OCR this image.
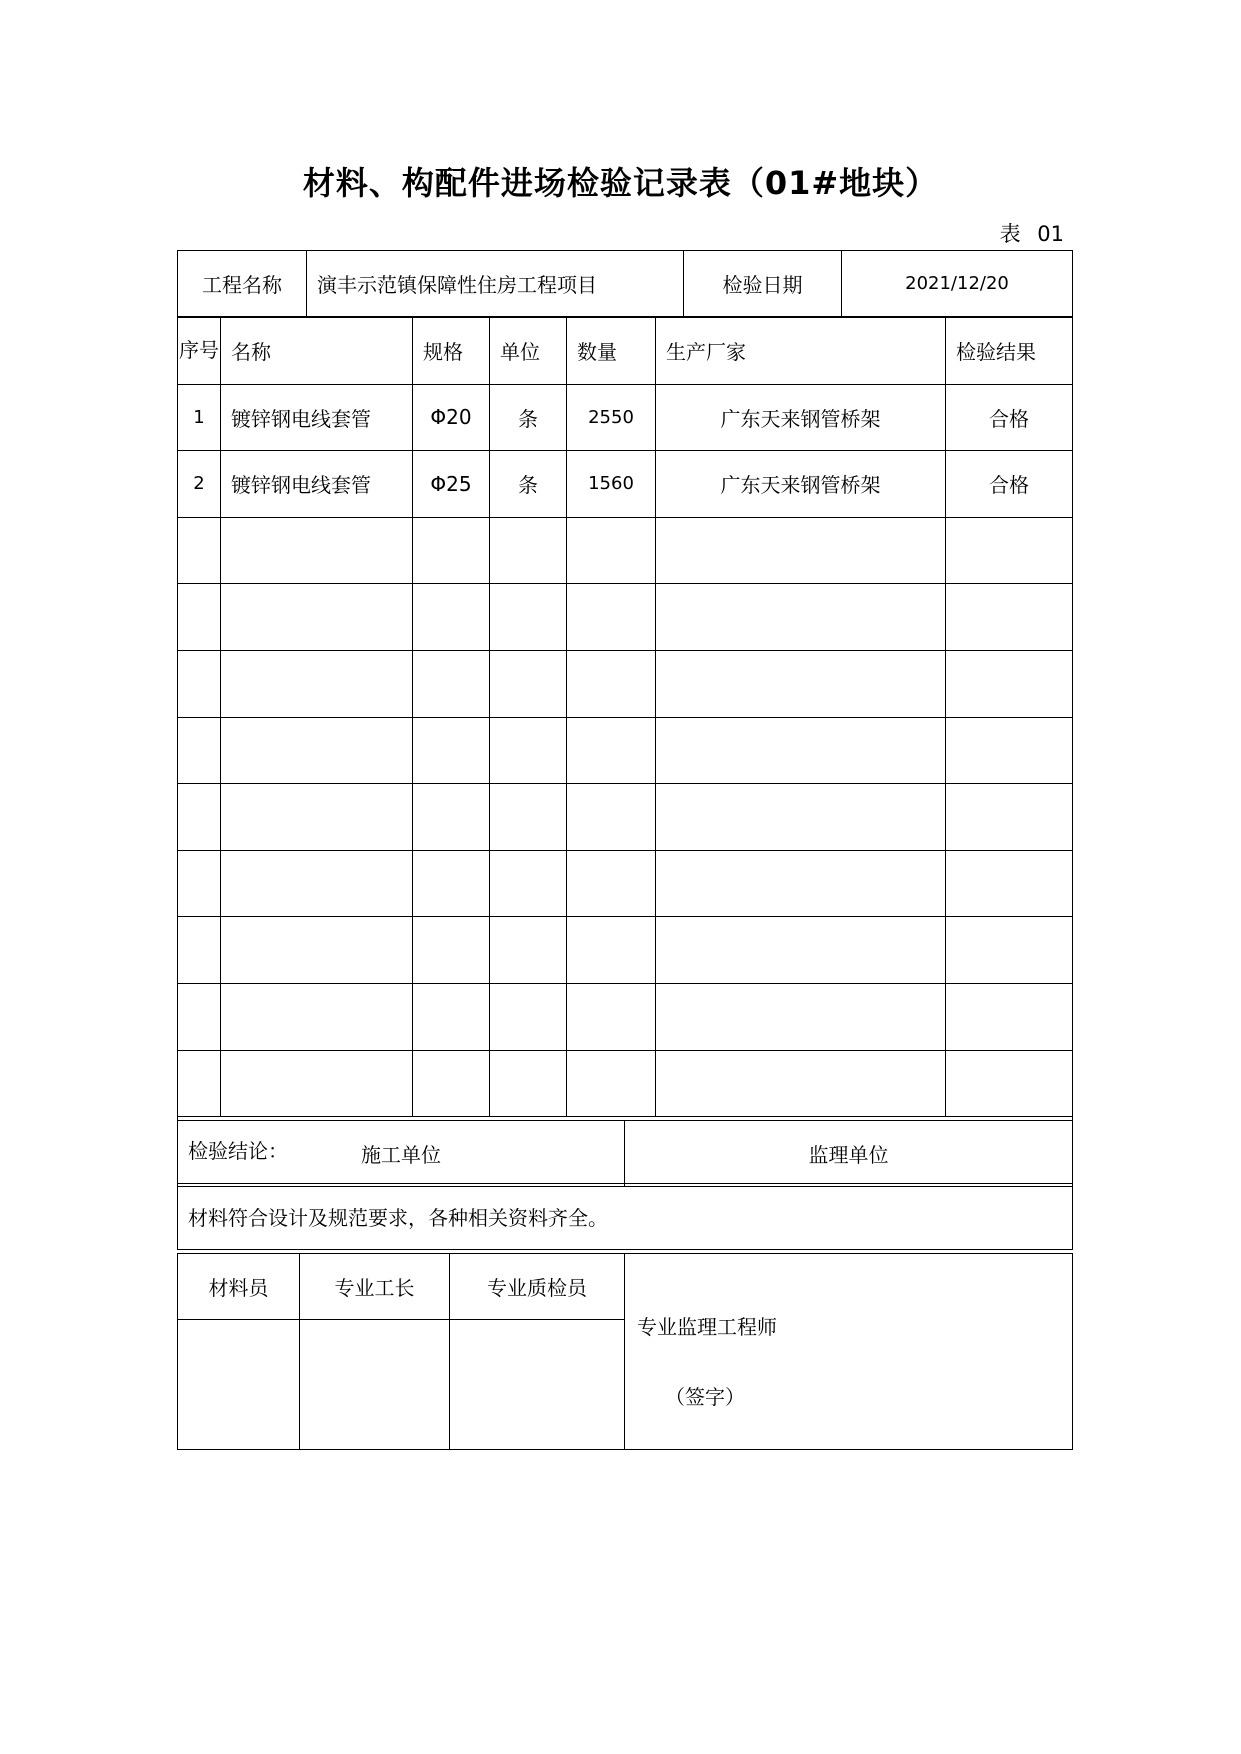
材料、构配件进场检验记录表（01#地块）
表 01
工程名称	演丰示范镇保障性住房工程项目	检验日期	2021/12/20
序号	名称	规格	单位	数量	生产厂家	检验结果
1	镀锌钢电线套管	Φ20	条	2550	广东天来钢管桥架	合格
2	镀锌钢电线套管	Φ25	条	1560	广东天来钢管桥架	合格

检验结论：						
材料符合设计及规范要求，各种相关资料齐全。						
施工单位	监理单位
材料员	专业工长	专业质检员	专业监理工程师
（签字）
